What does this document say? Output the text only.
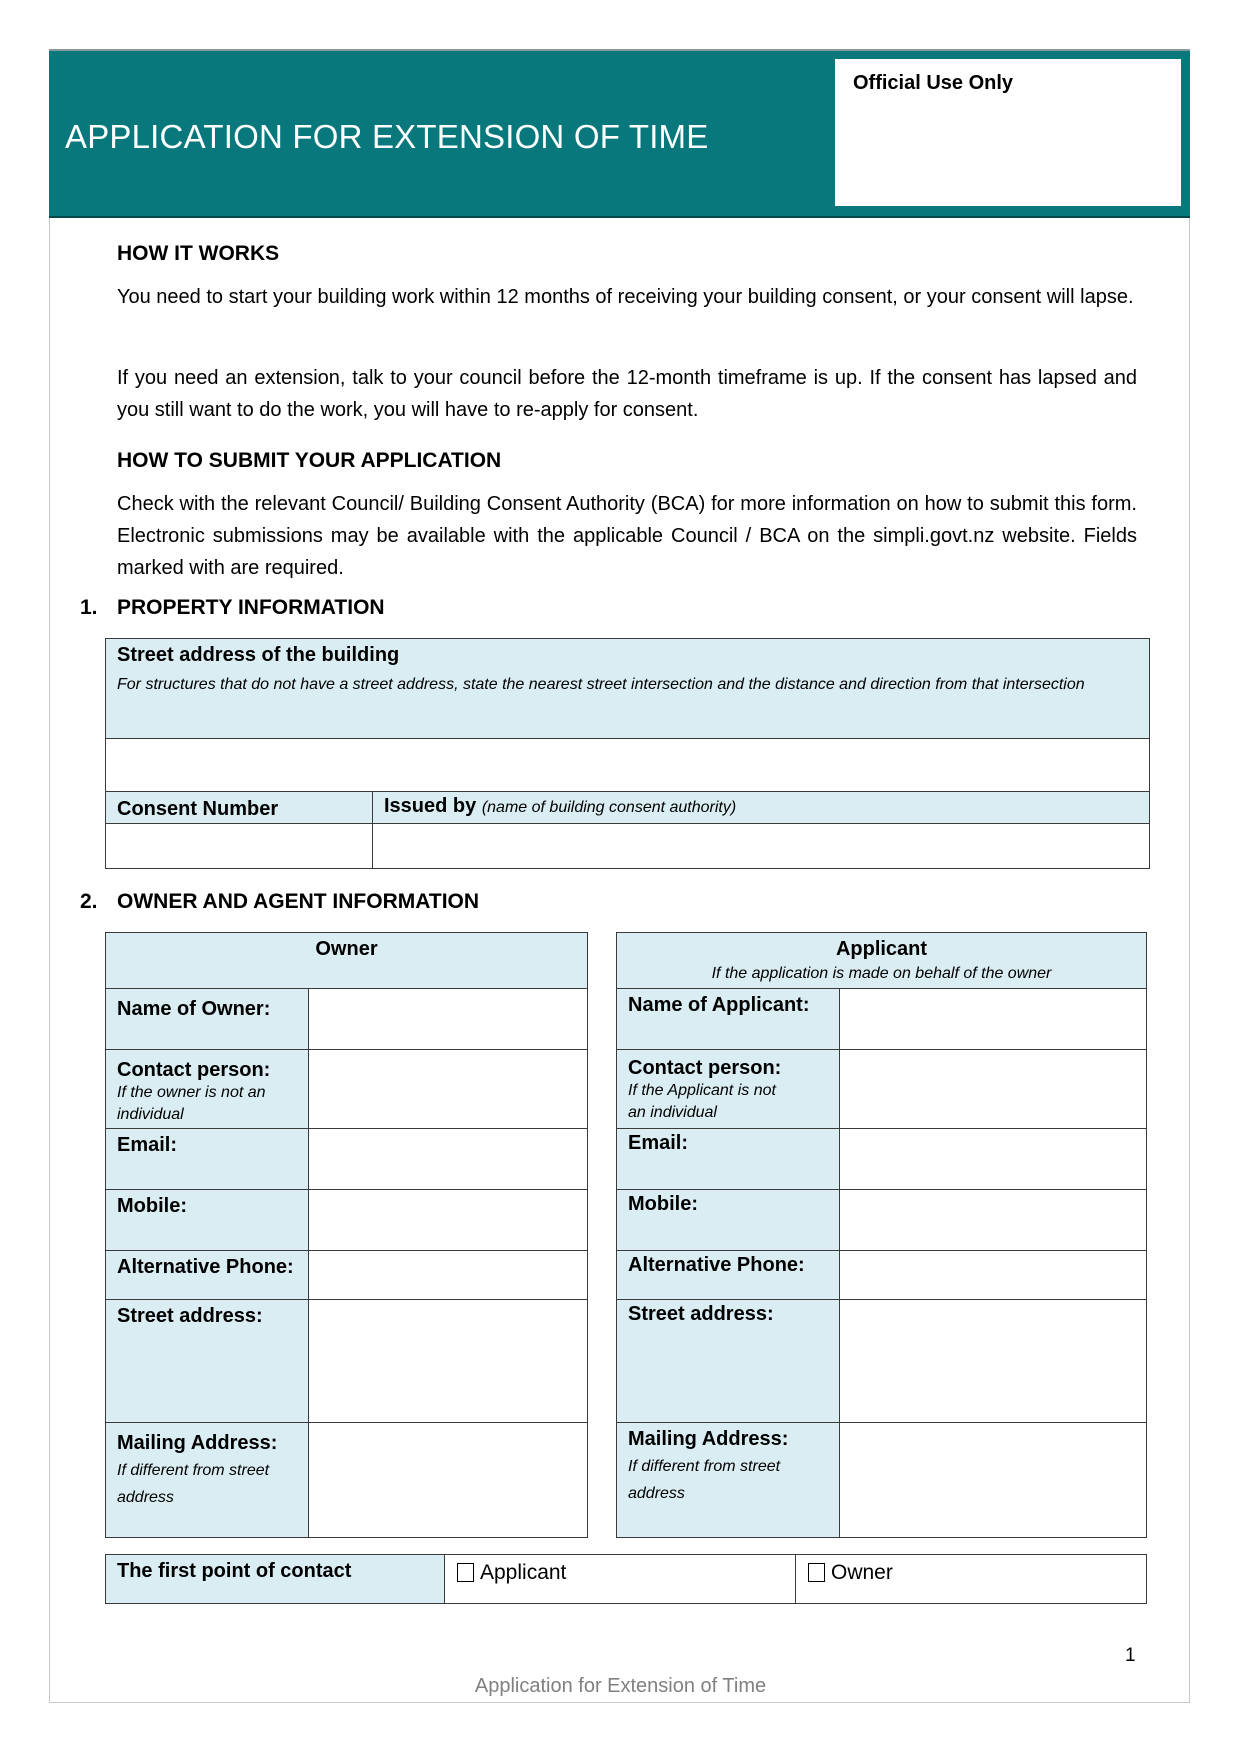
APPLICATION FOR EXTENSION OF TIME
Official Use Only
HOW IT WORKS
You need to start your building work within 12 months of receiving your building consent, or your consent will lapse.
If you need an extension, talk to your council before the 12-month timeframe is up. If the consent has lapsed and you still want to do the work, you will have to re-apply for consent.
HOW TO SUBMIT YOUR APPLICATION
Check with the relevant Council/ Building Consent Authority (BCA) for more information on how to submit this form. Electronic submissions may be available with the applicable Council / BCA on the simpli.govt.nz website. Fields marked with are required.
1. PROPERTY INFORMATION
Street address of the building
For structures that do not have a street address, state the nearest street intersection and the distance and direction from that intersection	

Consent Number	Issued by (name of building consent authority)

2. OWNER AND AGENT INFORMATION
Owner	

Name of Owner:	

Contact person:
If the owner is not an individual	

Email:	

Mobile:	

Alternative Phone:	

Street address:	

Mailing Address:
If different from street address	

Applicant
If the application is made on behalf of the owner	

Name of Applicant:	

Contact person:
If the Applicant is not an individual	

Email:	

Mobile:	

Alternative Phone:	

Street address:	

Mailing Address:
If different from street address	

The first point of contact	Applicant	Owner
1
Application for Extension of Time
